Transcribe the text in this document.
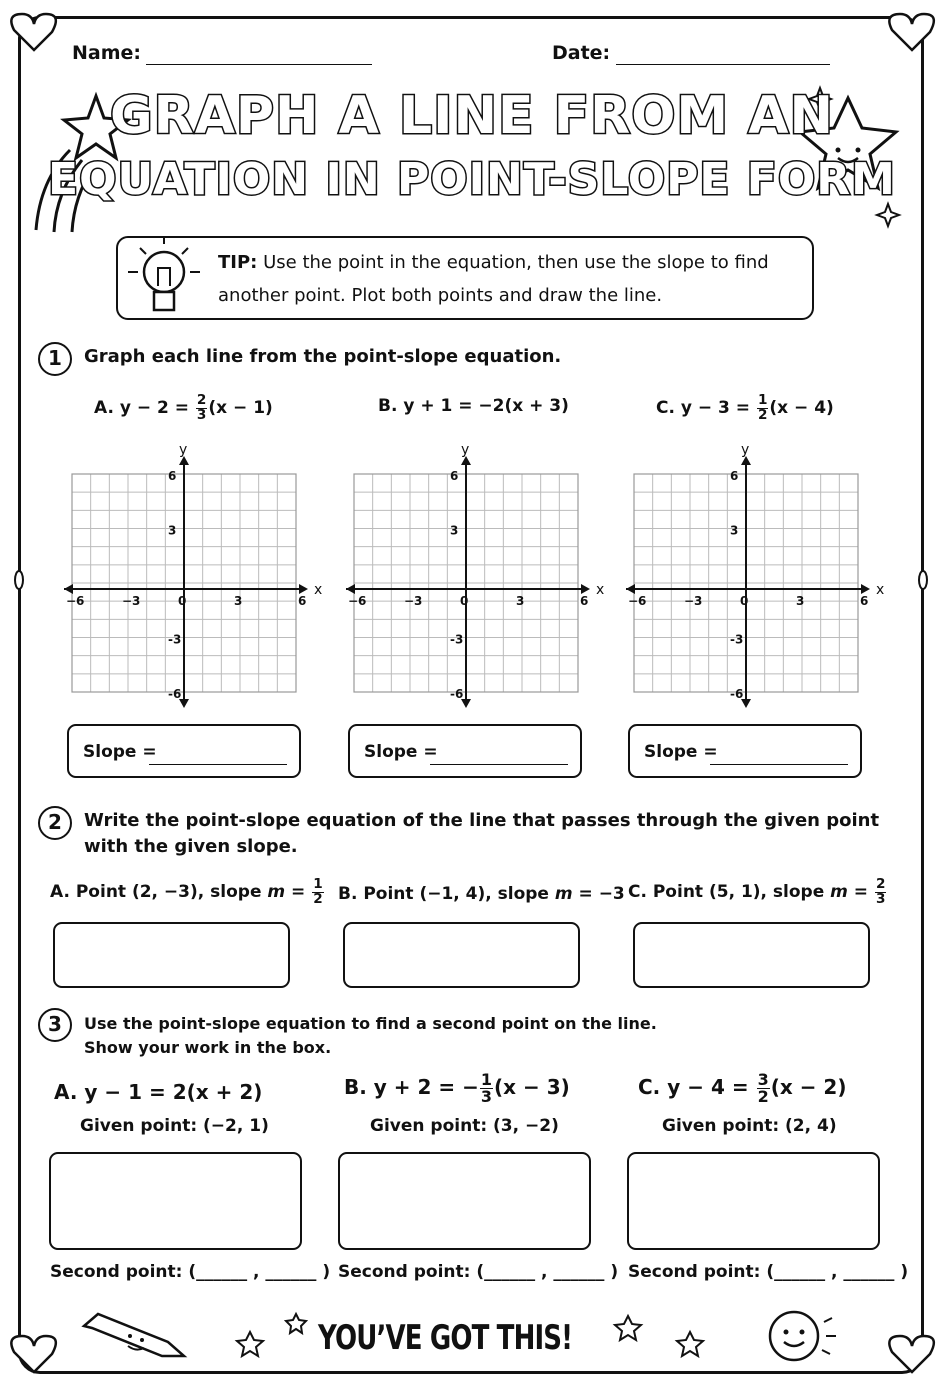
Name:	Date:
GRAPH A LINE FROM AN
EQUATION IN POINT-SLOPE FORM
TIP: Use the point in the equation, then use the slope to find
another point. Plot both points and draw the line.
1	Graph each line from the point-slope equation.
A. $y - 2 = \frac{2}{3} (x - 1)$	B. y + 1 = −2(x + 3)	C. $y - 3 = \frac{1}{2} (x - 4)$
x
y
−6	−3	0	3	6
6
3
-3
-6
x
y
−6	−3	0	3	6
6
3
-3
-6
x
y
−6	−3	0	3	6
6
3
-3
-6
Slope =	Slope =	Slope =
2	Write the point-slope equation of the line that passes through the given point
with the given slope.
A. Point (2, −3), slope $m = \frac{1}{2} B$. Point (−1, 4), slope m = −3 C. Point (5, 1), slope $m = \frac{2}{3}$
3	Use the point-slope equation to find a second point on the line.
Show your work in the box.
A. y − 1 = 2(x + 2)	B. y + 2 = − $\frac{1}{3} (x - 3)$	C. $y - 4 = \frac{3}{2} (x - 2)$
Given point: (−2, 1)	Given point: (3, −2)	Given point: (2, 4)
Second point: (______ , ______ ) Second point: (______ , ______ ) Second point: (______ , ______ )
YOU’VE GOT THIS!
